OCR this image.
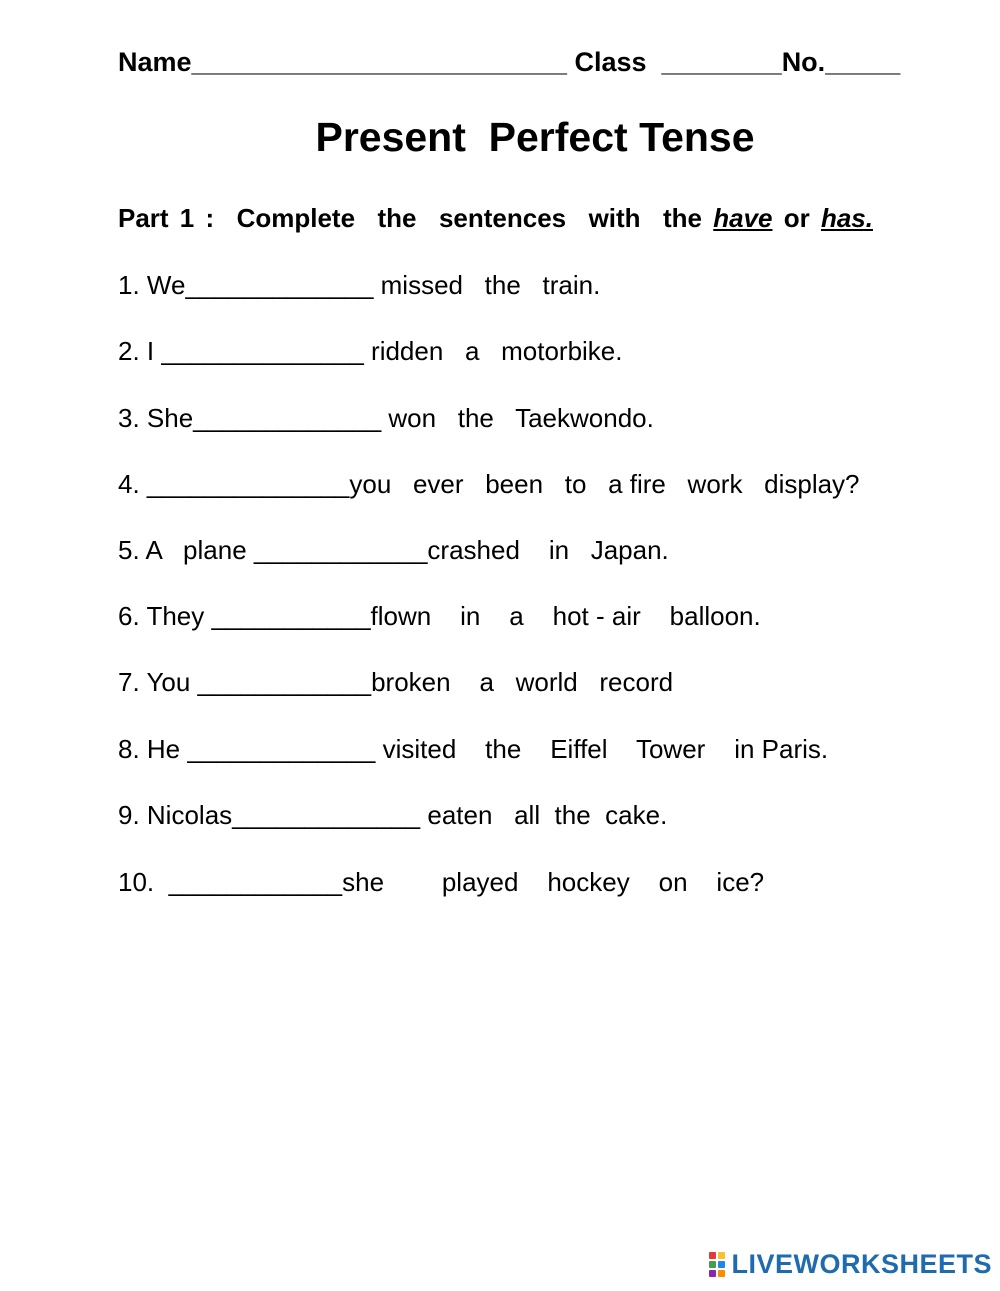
Name_________________________ Class ________No._____
Present  Perfect Tense
Part 1 :  Complete  the  sentences  with  the have or has.
1. We_____________ missed   the   train.
2. I ______________ ridden   a   motorbike.
3. She_____________ won   the   Taekwondo.
4. ______________you   ever   been   to   a fire   work   display?
5. A   plane ____________crashed    in   Japan.
6. They ___________flown    in    a    hot - air    balloon.
7. You ____________broken    a   world   record
8. He _____________ visited    the    Eiffel    Tower    in Paris.
9. Nicolas_____________ eaten   all  the  cake.
10.  ____________she        played    hockey    on    ice?
LIVEWORKSHEETS
